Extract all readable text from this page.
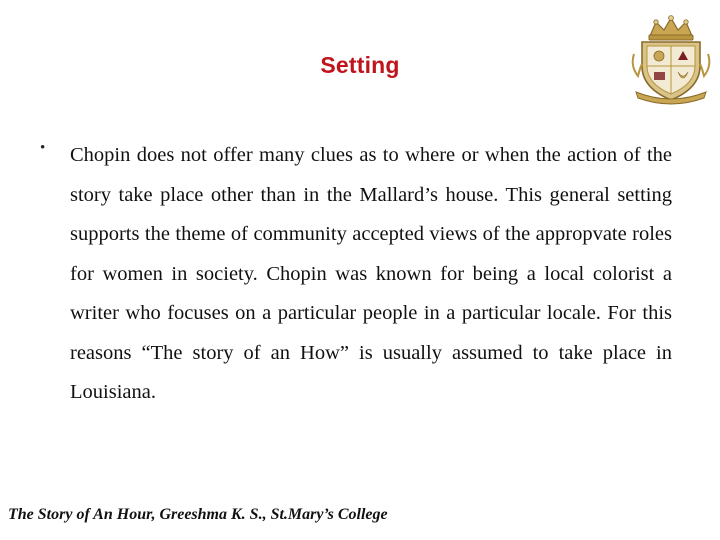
Setting
• Chopin does not offer many clues as to where or when the action of the story take place other than in the Mallard’s house. This general setting supports the theme of community accepted views of the appropvate roles for women in society. Chopin was known for being a local colorist a writer who focuses on a particular people in a particular locale. For this reasons “The story of an How” is usually assumed to take place in Louisiana.

The Story of An Hour, Greeshma K. S., St.Mary’s College
